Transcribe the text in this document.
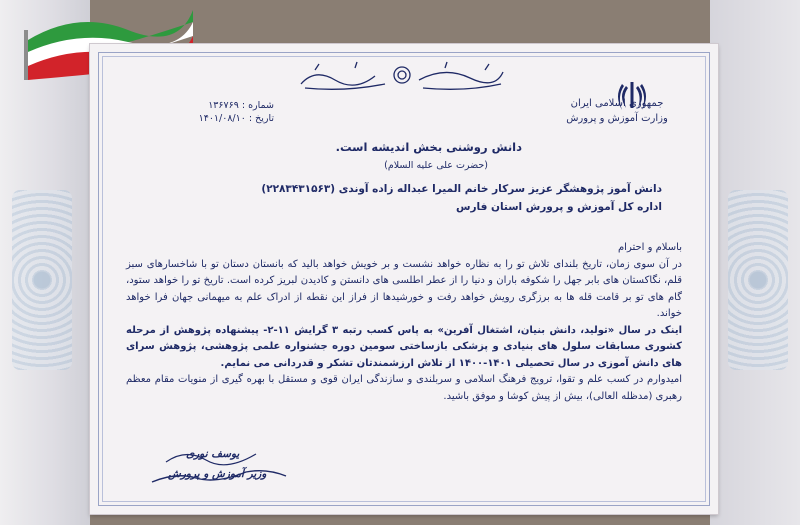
جمهوری اسلامی ایران
وزارت آموزش و پرورش
شماره : ۱۳۶۷۶۹
تاریخ : ۱۴۰۱/۰۸/۱۰
دانش روشنی بخش اندیشه است.
(حضرت علی علیه السلام)
دانش آموز پژوهشگر عزیز سرکار خانم المیرا عبداله زاده آوندی (۲۲۸۳۴۳۱۵۶۳)
اداره کل آموزش و پرورش استان فارس

باسلام و احترام

در آن سوی زمان، تاریخ بلندای تلاش تو را به نظاره خواهد نشست و بر خویش خواهد بالید که بانستان دستان تو با شاخسارهای سبز قلم، نگاکستان های بابر جهل را شکوفه باران و دنیا را از عطر اطلسی های دانستن و کادیدن لبریز کرده است. تاریخ تو را خواهد ستود، گام های تو بر قامت قله ها به برزگری رویش خواهد رفت و خورشیدها از فراز این نقطه از ادراک علم به میهمانی جهان فرا خواهد خواند.

اینک در سال «تولید، دانش بنیان، اشتغال آفرین» به پاس کسب رتبه ۳ گرایش ۱۱-۲- پیشنهاده پژوهش از مرحله کشوری مسابقات سلول های بنیادی و پزشکی بازساختی سومین دوره جشنواره علمی پژوهشی، پژوهش سرای های دانش آموزی در سال تحصیلی ۱۴۰۱-۱۴۰۰ از تلاش ارزشمندتان تشکر و قدردانی می نمایم.

امیدوارم در کسب علم و تقوا، ترویج فرهنگ اسلامی و سربلندی و سازندگی ایران قوی و مستقل با بهره گیری از منویات مقام معظم رهبری (مدظله العالی)، بیش از پیش کوشا و موفق باشید.

یوسف نوری
وزیر آموزش و پرورش
